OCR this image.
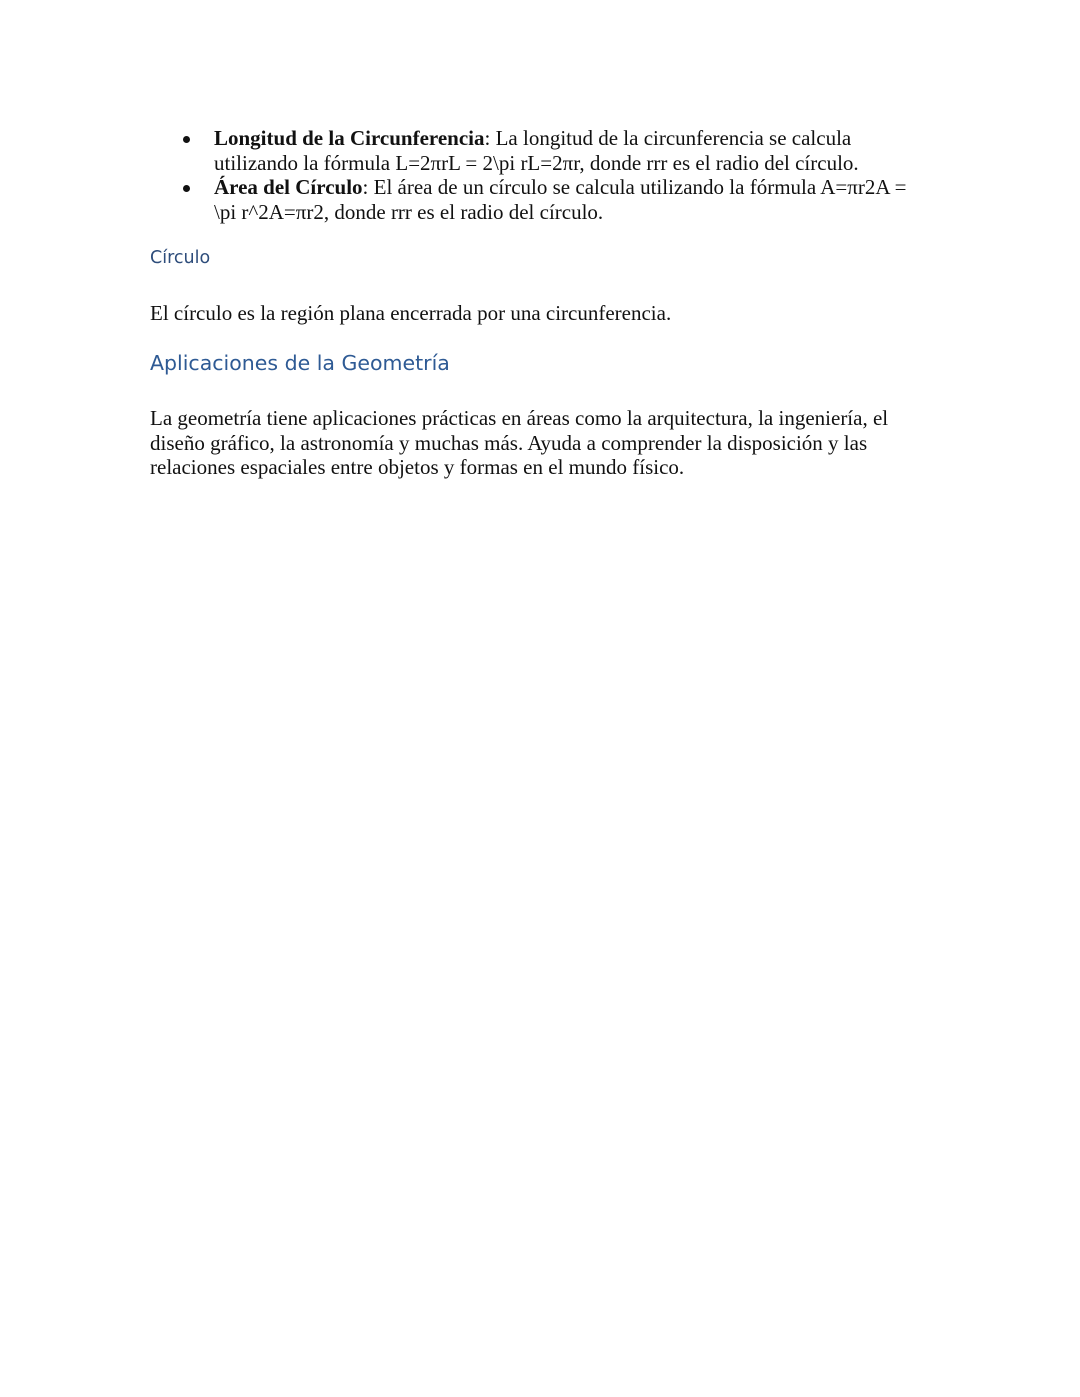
Longitud de la Circunferencia: La longitud de la circunferencia se calcula utilizando la fórmula L=2πrL = 2\pi rL=2πr, donde rrr es el radio del círculo.
Área del Círculo: El área de un círculo se calcula utilizando la fórmula A=πr2A = \pi r^2A=πr2, donde rrr es el radio del círculo.
Círculo

El círculo es la región plana encerrada por una circunferencia.

Aplicaciones de la Geometría

La geometría tiene aplicaciones prácticas en áreas como la arquitectura, la ingeniería, el diseño gráfico, la astronomía y muchas más. Ayuda a comprender la disposición y las relaciones espaciales entre objetos y formas en el mundo físico.
